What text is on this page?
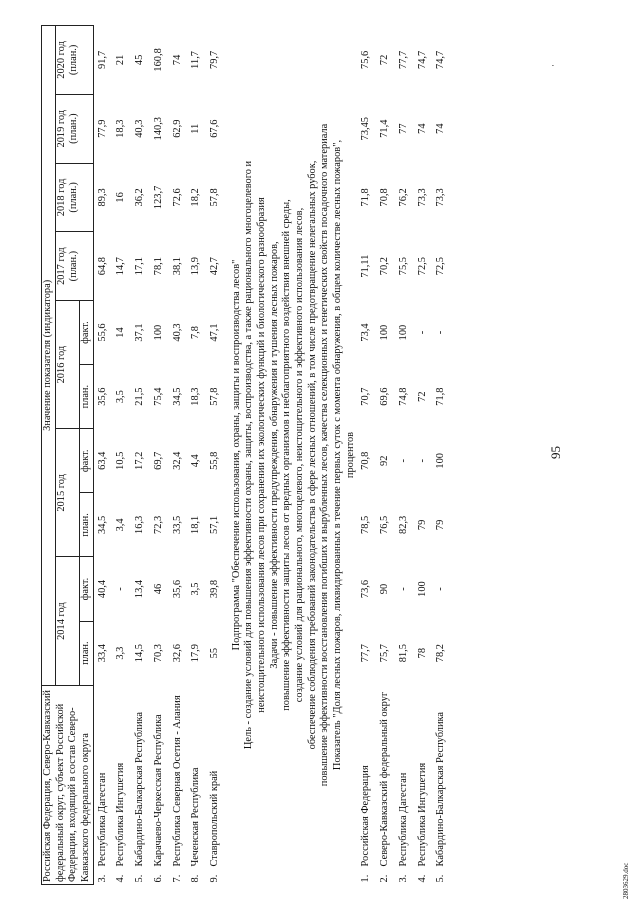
95
·
2803629.doc
Российская Федерация, Северо-Кавказский федеральный округ, субъект Российской Федерации, входящий в состав Северо-Кавказского федерального округа		Значение показателя (индикатора)									
		2014 год		2015 год		2016 год		2017 год (план.)	2018 год (план.)	2019 год (план.)	2020 год (план.)
		план.	факт.	план.	факт.	план.	факт.				
3.	Республика Дагестан	33,4	40,4	34,5	63,4	35,6	55,6	64,8	89,3	77,9	91,7
4.	Республика Ингушетия	3,3	-	3,4	10,5	3,5	14	14,7	16	18,3	21
5.	Кабардино-Балкарская Республика	14,5	13,4	16,3	17,2	21,5	37,1	17,1	36,2	40,3	45
6.	Карачаево-Черкесская Республика	70,3	46	72,3	69,7	75,4	100	78,1	123,7	140,3	160,8
7.	Республика Северная Осетия - Алания	32,6	35,6	33,5	32,4	34,5	40,3	38,1	72,6	62,9	74
8.	Чеченская Республика	17,9	3,5	18,1	4,4	18,3	7,8	13,9	18,2	11	11,7
9.	Ставропольский край	55	39,8	57,1	55,8	57,8	47,1	42,7	57,8	67,6	79,7
Подпрограмма "Обеспечение использования, охраны, защиты и воспроизводства лесов"											
Цель - создание условий для повышения эффективности охраны, защиты, воспроизводства, а также рационального многоцелевого и											
неистощительного использования лесов при сохранении их экологических функций и биологического разнообразия											
Задачи - повышение эффективности предупреждения, обнаружения и тушения лесных пожаров,											
повышение эффективности защиты лесов от вредных организмов и неблагоприятного воздействия внешней среды,											
создание условий для рационального, многоцелевого, неистощительного и эффективного использования лесов,											
обеспечение соблюдения требований законодательства в сфере лесных отношений, в том числе предотвращение нелегальных рубок,											
повышение эффективности восстановления погибших и вырубленных лесов, качества селекционных и генетических свойств посадочного материала											
Показатель "Доля лесных пожаров, ликвидированных в течение первых суток с момента обнаружения, в общем количестве лесных пожаров",											
процентов											
1.	Российская Федерация	77,7	73,6	78,5	70,8	70,7	73,4	71,11	71,8	73,45	75,6
2.	Северо-Кавказский федеральный округ	75,7	90	76,5	92	69,6	100	70,2	70,8	71,4	72
3.	Республика Дагестан	81,5	-	82,3	-	74,8	100	75,5	76,2	77	77,7
4.	Республика Ингушетия	78	100	79	-	72	-	72,5	73,3	74	74,7
5.	Кабардино-Балкарская Республика	78,2	-	79	100	71,8	-	72,5	73,3	74	74,7
